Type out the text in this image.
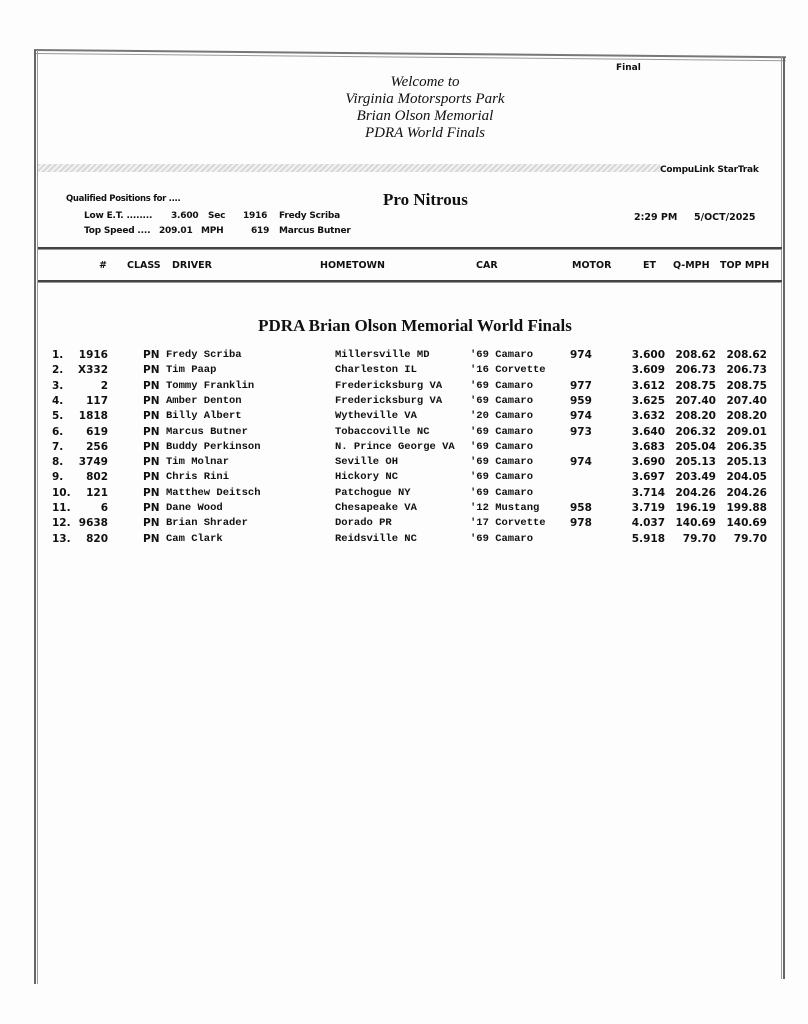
Final
Welcome to
Virginia Motorsports Park
Brian Olson Memorial
PDRA World Finals
CompuLink StarTrak
Qualified Positions for ....
Low E.T. ........ 3.600 Sec 1916 Fredy Scriba
Top Speed .... 209.01 MPH	619 Marcus Butner
Pro Nitrous
2:29 PM 5/OCT/2025
# CLASS DRIVER	HOMETOWN	CAR	MOTOR	ET Q-MPH TOP MPH
PDRA Brian Olson Memorial World Finals
1.	1916	PN Fredy Scriba	Millersville MD	'69 Camaro	974	3.600 208.62 208.62
2.	X332	PN Tim Paap	Charleston IL	'16 Corvette	3.609 206.73 206.73
3.	2	PN Tommy Franklin	Fredericksburg VA	'69 Camaro	977	3.612 208.75 208.75
4.	117	PN Amber Denton	Fredericksburg VA	'69 Camaro	959	3.625 207.40 207.40
5.	1818	PN Billy Albert	Wytheville VA	'20 Camaro	974	3.632 208.20 208.20
6.	619	PN Marcus Butner	Tobaccoville NC	'69 Camaro	973	3.640 206.32 209.01
7.	256	PN Buddy Perkinson	N. Prince George VA '69 Camaro	3.683 205.04 206.35
8.	3749	PN Tim Molnar	Seville OH	'69 Camaro	974	3.690 205.13 205.13
9.	802	PN Chris Rini	Hickory NC	'69 Camaro	3.697 203.49 204.05
10.	121	PN Matthew Deitsch	Patchogue NY	'69 Camaro	3.714 204.26 204.26
11.	6	PN Dane Wood	Chesapeake VA	'12 Mustang	958	3.719 196.19 199.88
12. 9638	PN Brian Shrader	Dorado PR	'17 Corvette 978	4.037 140.69 140.69
13.	820	PN Cam Clark	Reidsville NC	'69 Camaro	5.918	79.70	79.70
